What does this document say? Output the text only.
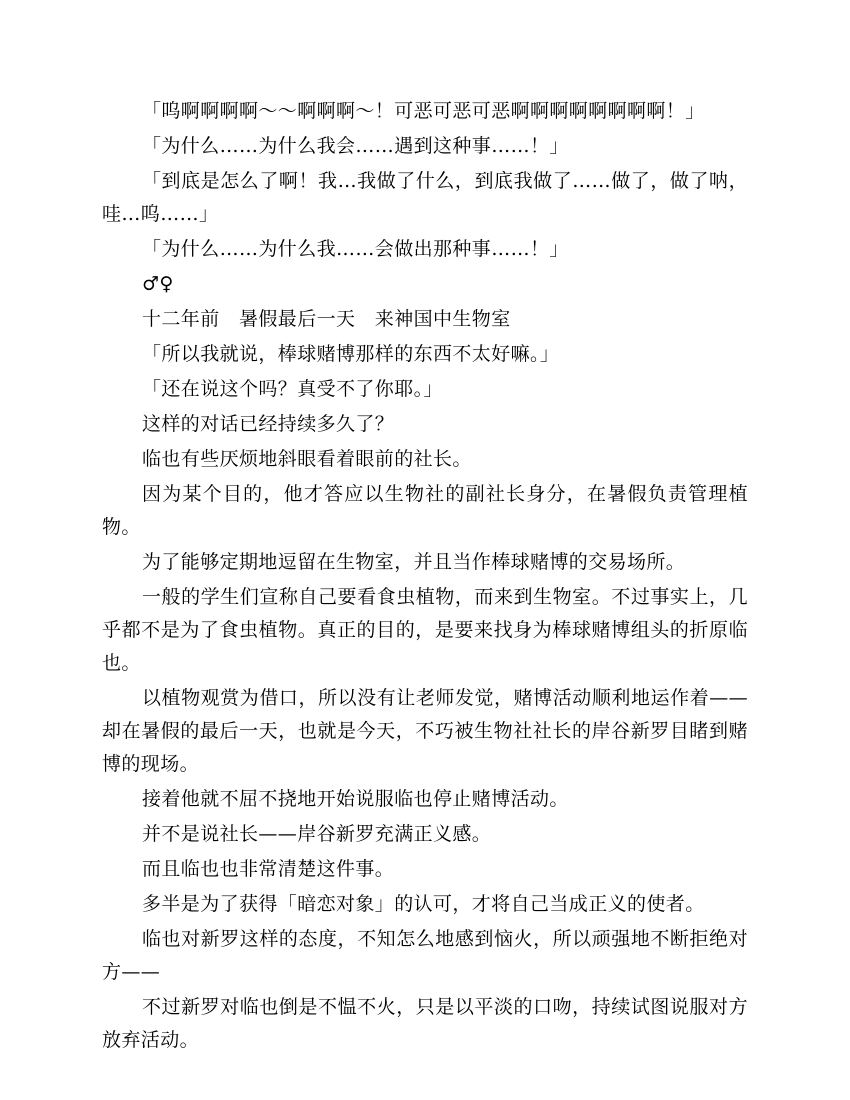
「呜啊啊啊啊～～啊啊啊～！可恶可恶可恶啊啊啊啊啊啊啊啊！」

「为什么……为什么我会……遇到这种事……！」

「到底是怎么了啊！我…我做了什么，到底我做了……做了，做了呐，哇…呜……」

「为什么……为什么我……会做出那种事……！」

♂♀

十二年前　暑假最后一天　来神国中生物室

「所以我就说，棒球赌博那样的东西不太好嘛。」

「还在说这个吗？真受不了你耶。」

这样的对话已经持续多久了？

临也有些厌烦地斜眼看着眼前的社长。

因为某个目的，他才答应以生物社的副社长身分，在暑假负责管理植物。

为了能够定期地逗留在生物室，并且当作棒球赌博的交易场所。

一般的学生们宣称自己要看食虫植物，而来到生物室。不过事实上，几乎都不是为了食虫植物。真正的目的，是要来找身为棒球赌博组头的折原临也。

以植物观赏为借口，所以没有让老师发觉，赌博活动顺利地运作着——却在暑假的最后一天，也就是今天，不巧被生物社社长的岸谷新罗目睹到赌博的现场。

接着他就不屈不挠地开始说服临也停止赌博活动。

并不是说社长——岸谷新罗充满正义感。

而且临也也非常清楚这件事。

多半是为了获得「暗恋对象」的认可，才将自己当成正义的使者。

临也对新罗这样的态度，不知怎么地感到恼火，所以顽强地不断拒绝对方——

不过新罗对临也倒是不愠不火，只是以平淡的口吻，持续试图说服对方放弃活动。
